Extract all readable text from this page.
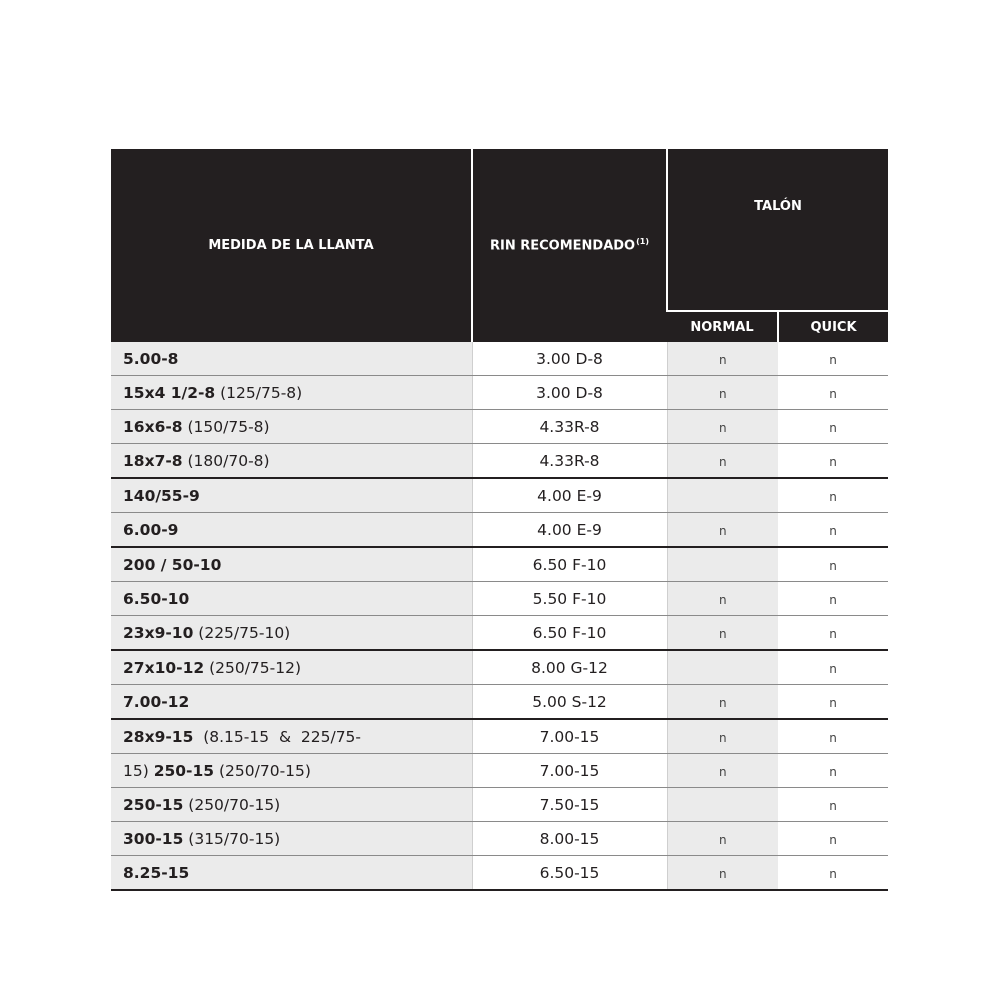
MEDIDA DE LA LLANTA	RIN RECOMENDADO$^{(1)}$	TALÓN	
		NORMAL	QUICK
5.00-8	3.00 D-8	n	n
15x4 1/2-8 (125/75-8)	3.00 D-8	n	n
16x6-8 (150/75-8)	4.33R-8	n	n
18x7-8 (180/70-8)	4.33R-8	n	n
140/55-9	4.00 E-9		n
6.00-9	4.00 E-9	n	n
200 / 50-10	6.50 F-10		n
6.50-10	5.50 F-10	n	n
23x9-10 (225/75-10)	6.50 F-10	n	n
27x10-12 (250/75-12)	8.00 G-12		n
7.00-12	5.00 S-12	n	n
28x9-15  (8.15-15  &  225/75-	7.00-15	n	n
15) 250-15 (250/70-15)	7.00-15	n	n
250-15 (250/70-15)	7.50-15		n
300-15 (315/70-15)	8.00-15	n	n
8.25-15	6.50-15	n	n
